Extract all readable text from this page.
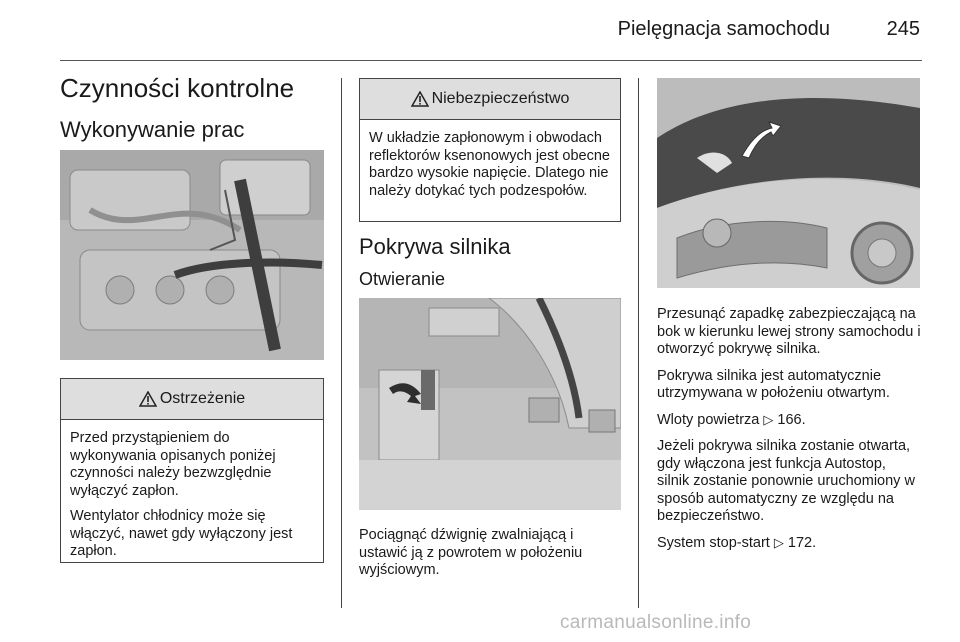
Pielęgnacja samochodu	245
Czynności kontrolne
Wykonywanie prac
Ostrzeżenie

Przed przystąpieniem do wykonywania opisanych poniżej czynności należy bezwzględnie wyłączyć zapłon.

Wentylator chłodnicy może się włączyć, nawet gdy wyłączony jest zapłon.

Niebezpieczeństwo

W układzie zapłonowym i obwodach reflektorów ksenonowych jest obecne bardzo wysokie napięcie. Dlatego nie należy dotykać tych podzespołów.

Pokrywa silnika
Otwieranie
Pociągnąć dźwignię zwalniającą i ustawić ją z powrotem w położeniu wyjściowym.

Przesunąć zapadkę zabezpieczającą na bok w kierunku lewej strony samochodu i otworzyć pokrywę silnika.

Pokrywa silnika jest automatycznie utrzymywana w położeniu otwartym.

Wloty powietrza ▷ 166.

Jeżeli pokrywa silnika zostanie otwarta, gdy włączona jest funkcja Autostop, silnik zostanie ponownie uruchomiony w sposób automatyczny ze względu na bezpieczeństwo.

System stop-start ▷ 172.

carmanualsonline.info
